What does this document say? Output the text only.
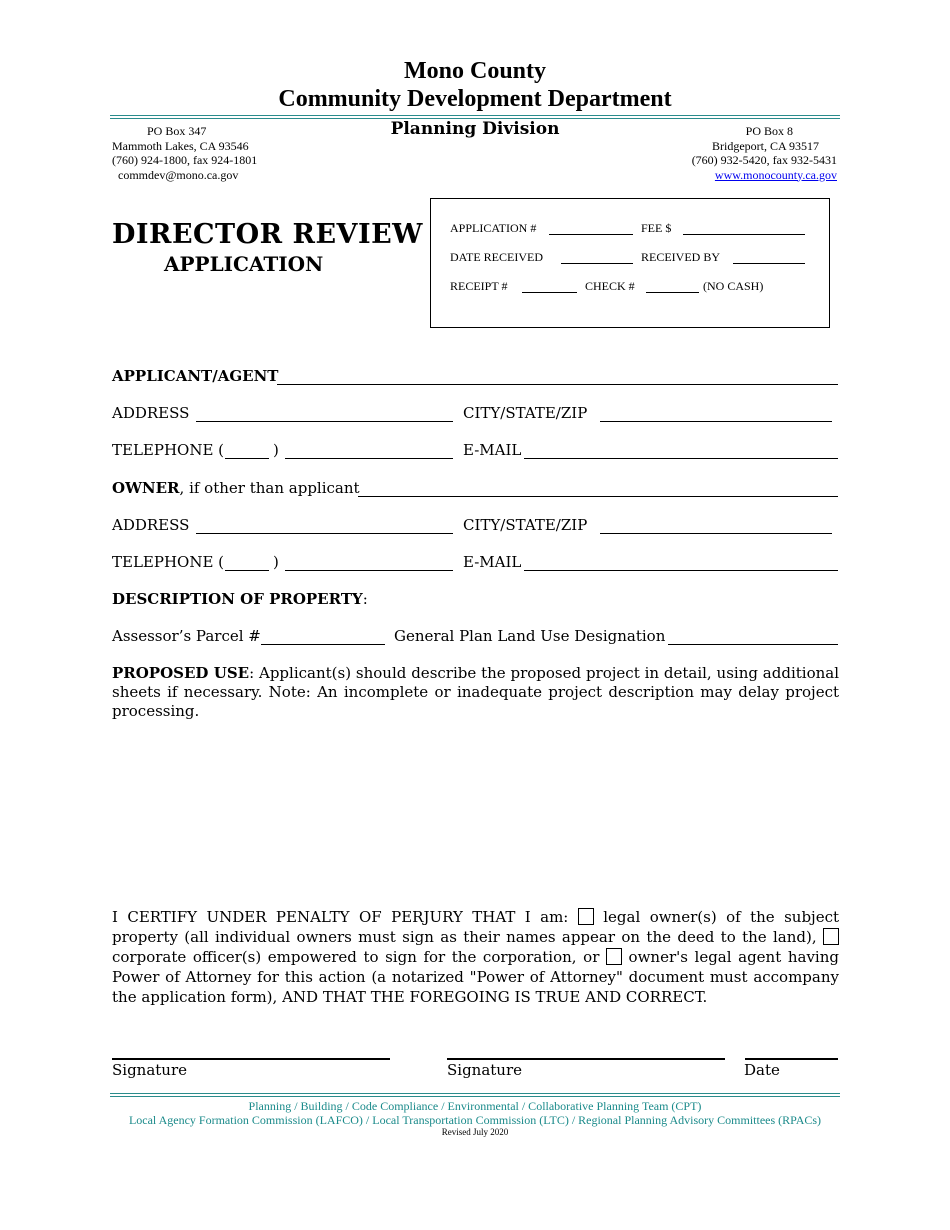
Mono County
Community Development Department
PO Box 347
Mammoth Lakes, CA 93546
(760) 924-1800, fax 924-1801
commdev@mono.ca.gov
Planning Division	PO Box 8
Bridgeport, CA 93517
(760) 932-5420, fax 932-5431
www.monocounty.ca.gov
DIRECTOR REVIEW
APPLICATION
APPLICATION #	FEE $
DATE RECEIVED	RECEIVED BY
RECEIPT #	CHECK #	(NO CASH)
APPLICANT/AGENT
ADDRESS	CITY/STATE/ZIP
TELEPHONE (	)	E-MAIL
OWNER, if other than applicant
ADDRESS	CITY/STATE/ZIP
TELEPHONE (	)	E-MAIL
DESCRIPTION OF PROPERTY:
Assessor’s Parcel #	General Plan Land Use Designation
PROPOSED USE: Applicant(s) should describe the proposed project in detail, using additional sheets if necessary. Note: An incomplete or inadequate project description may delay project processing.
I CERTIFY UNDER PENALTY OF PERJURY THAT I am: legal owner(s) of the subject property (all individual owners must sign as their names appear on the deed to the land),  corporate officer(s) empowered to sign for the corporation, or owner's legal agent having Power of Attorney for this action (a notarized "Power of Attorney" document must accompany the application form), AND THAT THE FOREGOING IS TRUE AND CORRECT.
Signature	Signature	Date
Planning / Building / Code Compliance / Environmental / Collaborative Planning Team (CPT)
Local Agency Formation Commission (LAFCO) / Local Transportation Commission (LTC) / Regional Planning Advisory Committees (RPACs)
Revised July 2020
